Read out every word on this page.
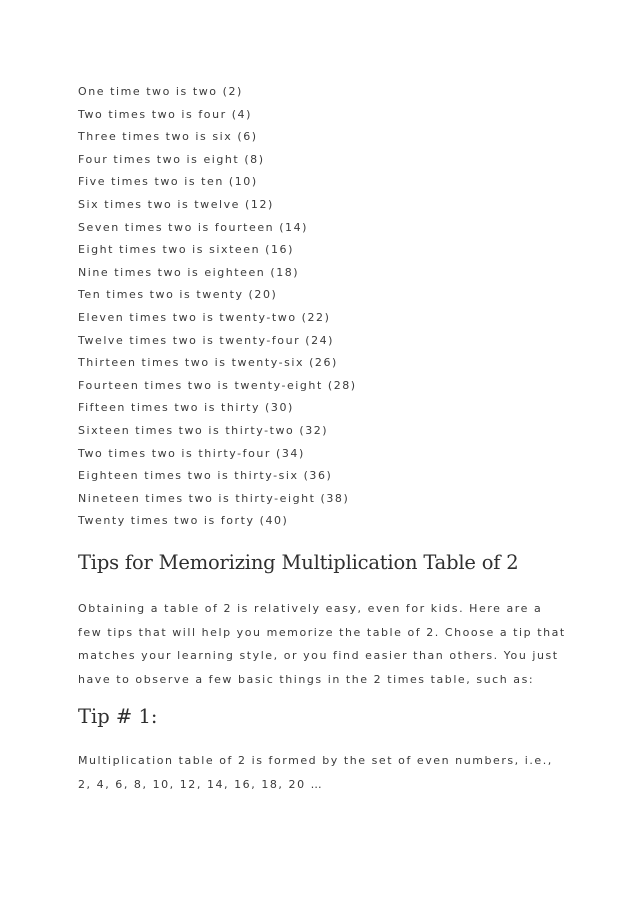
One time two is two (2)
Two times two is four (4)
Three times two is six (6)
Four times two is eight (8)
Five times two is ten (10)
Six times two is twelve (12)
Seven times two is fourteen (14)
Eight times two is sixteen (16)
Nine times two is eighteen (18)
Ten times two is twenty (20)
Eleven times two is twenty-two (22)
Twelve times two is twenty-four (24)
Thirteen times two is twenty-six (26)
Fourteen times two is twenty-eight (28)
Fifteen times two is thirty (30)
Sixteen times two is thirty-two (32)
Two times two is thirty-four (34)
Eighteen times two is thirty-six (36)
Nineteen times two is thirty-eight (38)
Twenty times two is forty (40)
Tips for Memorizing Multiplication Table of 2

Obtaining a table of 2 is relatively easy, even for kids. Here are a few tips that will help you memorize the table of 2. Choose a tip that matches your learning style, or you find easier than others. You just have to observe a few basic things in the 2 times table, such as:

Tip # 1:

Multiplication table of 2 is formed by the set of even numbers, i.e., 2, 4, 6, 8, 10, 12, 14, 16, 18, 20 …
